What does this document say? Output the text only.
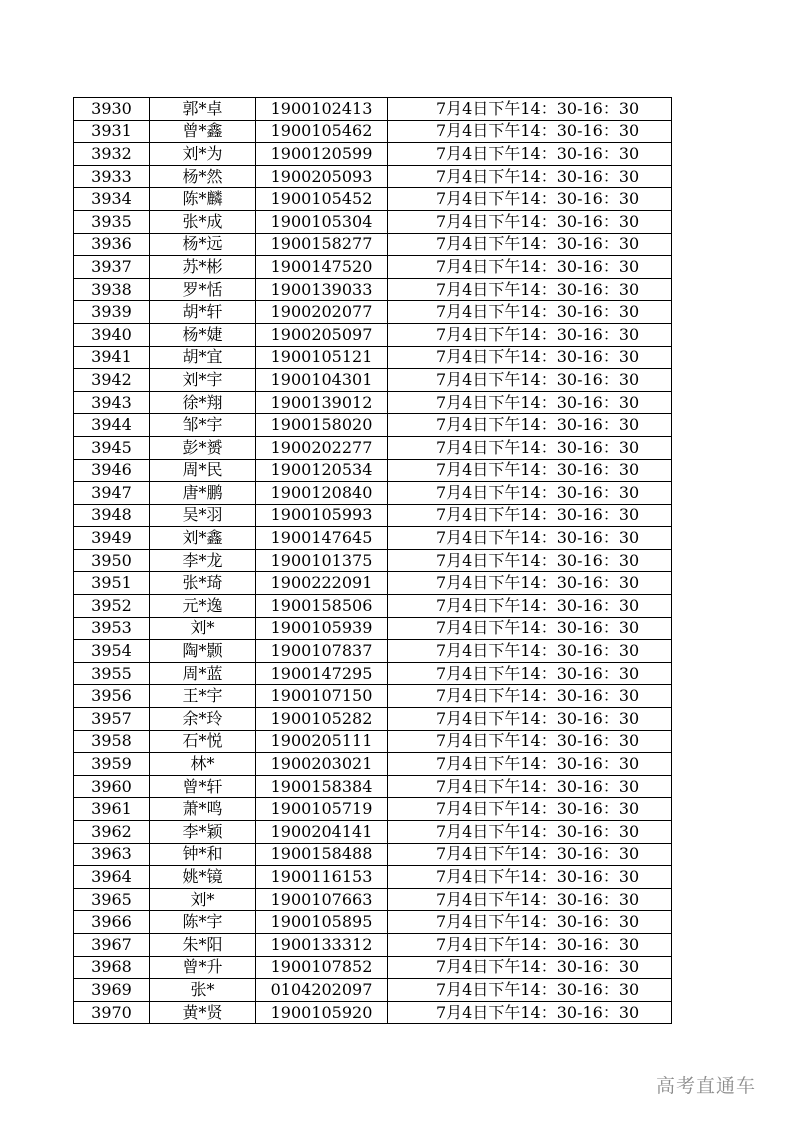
3930	郭*卓	1900102413	7月4日下午14：30-16：30
3931	曾*鑫	1900105462	7月4日下午14：30-16：30
3932	刘*为	1900120599	7月4日下午14：30-16：30
3933	杨*然	1900205093	7月4日下午14：30-16：30
3934	陈*麟	1900105452	7月4日下午14：30-16：30
3935	张*成	1900105304	7月4日下午14：30-16：30
3936	杨*远	1900158277	7月4日下午14：30-16：30
3937	苏*彬	1900147520	7月4日下午14：30-16：30
3938	罗*恬	1900139033	7月4日下午14：30-16：30
3939	胡*轩	1900202077	7月4日下午14：30-16：30
3940	杨*婕	1900205097	7月4日下午14：30-16：30
3941	胡*宜	1900105121	7月4日下午14：30-16：30
3942	刘*宇	1900104301	7月4日下午14：30-16：30
3943	徐*翔	1900139012	7月4日下午14：30-16：30
3944	邹*宇	1900158020	7月4日下午14：30-16：30
3945	彭*赟	1900202277	7月4日下午14：30-16：30
3946	周*民	1900120534	7月4日下午14：30-16：30
3947	唐*鹏	1900120840	7月4日下午14：30-16：30
3948	吴*羽	1900105993	7月4日下午14：30-16：30
3949	刘*鑫	1900147645	7月4日下午14：30-16：30
3950	李*龙	1900101375	7月4日下午14：30-16：30
3951	张*琦	1900222091	7月4日下午14：30-16：30
3952	元*逸	1900158506	7月4日下午14：30-16：30
3953	刘*	1900105939	7月4日下午14：30-16：30
3954	陶*颢	1900107837	7月4日下午14：30-16：30
3955	周*蓝	1900147295	7月4日下午14：30-16：30
3956	王*宇	1900107150	7月4日下午14：30-16：30
3957	余*玲	1900105282	7月4日下午14：30-16：30
3958	石*悦	1900205111	7月4日下午14：30-16：30
3959	林*	1900203021	7月4日下午14：30-16：30
3960	曾*轩	1900158384	7月4日下午14：30-16：30
3961	萧*鸣	1900105719	7月4日下午14：30-16：30
3962	李*颖	1900204141	7月4日下午14：30-16：30
3963	钟*和	1900158488	7月4日下午14：30-16：30
3964	姚*镜	1900116153	7月4日下午14：30-16：30
3965	刘*	1900107663	7月4日下午14：30-16：30
3966	陈*宇	1900105895	7月4日下午14：30-16：30
3967	朱*阳	1900133312	7月4日下午14：30-16：30
3968	曾*升	1900107852	7月4日下午14：30-16：30
3969	张*	0104202097	7月4日下午14：30-16：30
3970	黄*贤	1900105920	7月4日下午14：30-16：30
高考直通车
